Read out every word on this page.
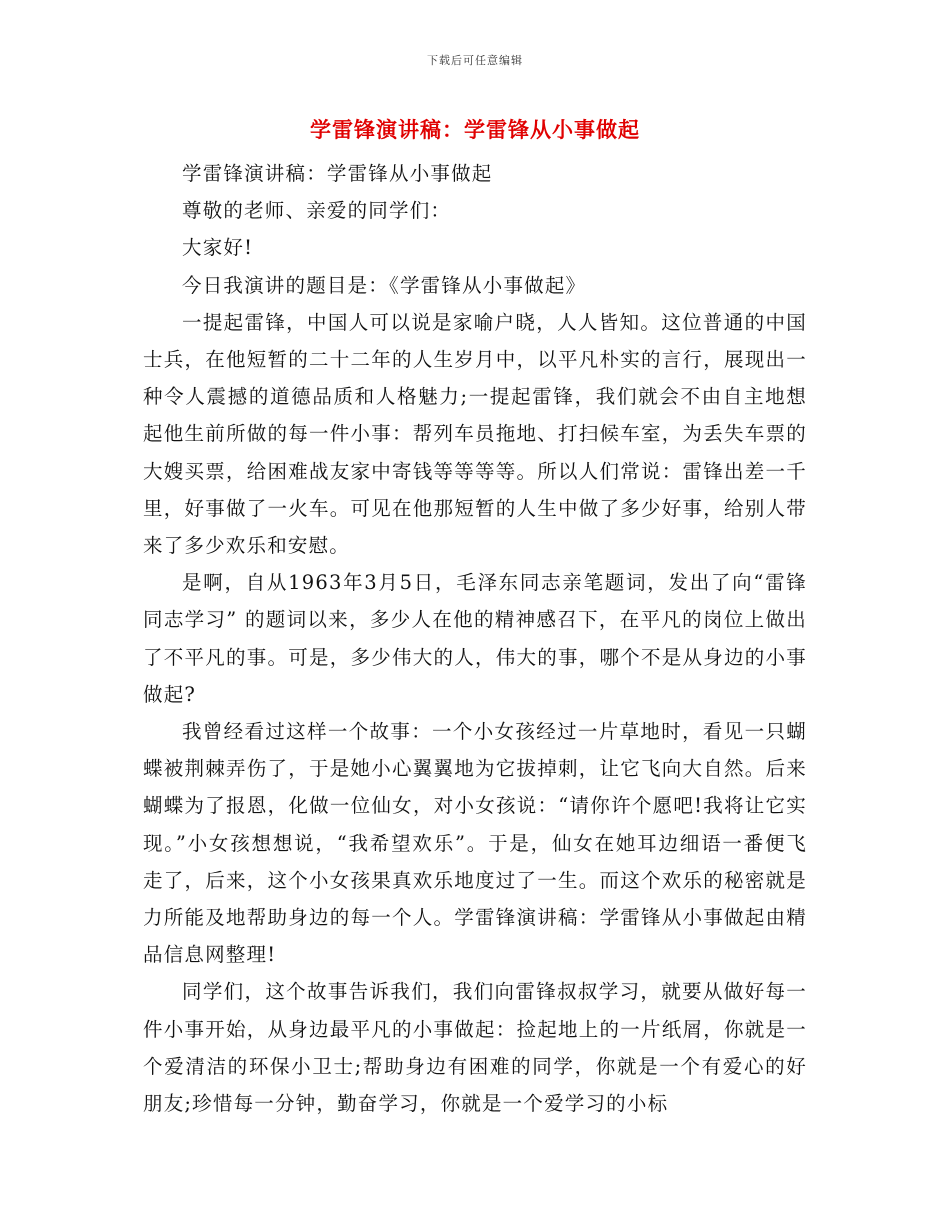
下载后可任意编辑
学雷锋演讲稿：学雷锋从小事做起

学雷锋演讲稿：学雷锋从小事做起

尊敬的老师、亲爱的同学们：

大家好!

今日我演讲的题目是：《学雷锋从小事做起》

一提起雷锋，中国人可以说是家喻户晓，人人皆知。这位普通的中国士兵，在他短暂的二十二年的人生岁月中，以平凡朴实的言行，展现出一种令人震撼的道德品质和人格魅力;一提起雷锋，我们就会不由自主地想起他生前所做的每一件小事：帮列车员拖地、打扫候车室，为丢失车票的大嫂买票，给困难战友家中寄钱等等等等。所以人们常说：雷锋出差一千里，好事做了一火车。可见在他那短暂的人生中做了多少好事，给别人带来了多少欢乐和安慰。

是啊，自从1963年3月5日，毛泽东同志亲笔题词，发出了向“雷锋同志学习” 的题词以来，多少人在他的精神感召下，在平凡的岗位上做出了不平凡的事。可是，多少伟大的人，伟大的事，哪个不是从身边的小事做起?

我曾经看过这样一个故事：一个小女孩经过一片草地时，看见一只蝴蝶被荆棘弄伤了，于是她小心翼翼地为它拔掉刺，让它飞向大自然。后来蝴蝶为了报恩，化做一位仙女，对小女孩说：“请你许个愿吧!我将让它实现。”小女孩想想说，“我希望欢乐”。于是，仙女在她耳边细语一番便飞走了，后来，这个小女孩果真欢乐地度过了一生。而这个欢乐的秘密就是力所能及地帮助身边的每一个人。学雷锋演讲稿：学雷锋从小事做起由精品信息网整理!

同学们，这个故事告诉我们，我们向雷锋叔叔学习，就要从做好每一件小事开始，从身边最平凡的小事做起：捡起地上的一片纸屑，你就是一个爱清洁的环保小卫士;帮助身边有困难的同学，你就是一个有爱心的好朋友;珍惜每一分钟，勤奋学习，你就是一个爱学习的小标
